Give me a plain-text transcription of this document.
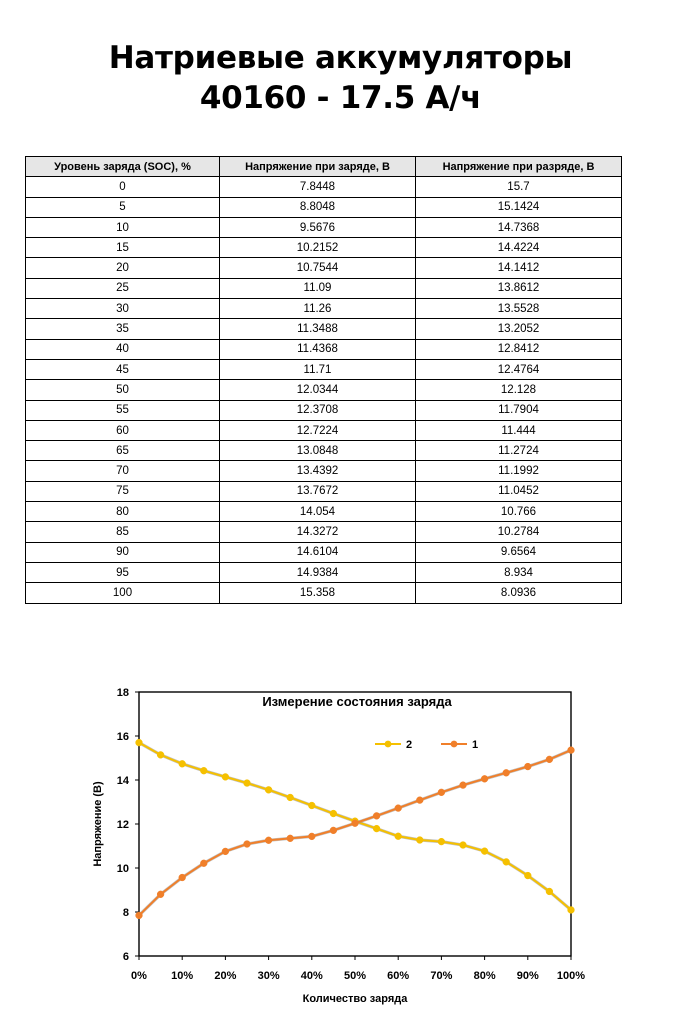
Натриевые аккумуляторы
40160 - 17.5 А/ч
Уровень заряда (SOC), %	Напряжение при заряде, В	Напряжение при разряде, В
0	7.8448	15.7
5	8.8048	15.1424
10	9.5676	14.7368
15	10.2152	14.4224
20	10.7544	14.1412
25	11.09	13.8612
30	11.26	13.5528
35	11.3488	13.2052
40	11.4368	12.8412
45	11.71	12.4764
50	12.0344	12.128
55	12.3708	11.7904
60	12.7224	11.444
65	13.0848	11.2724
70	13.4392	11.1992
75	13.7672	11.0452
80	14.054	10.766
85	14.3272	10.2784
90	14.6104	9.6564
95	14.9384	8.934
100	15.358	8.0936
6
8
10
12
14
16
18
0% 10% 20% 30% 40% 50% 60% 70% 80% 90% 100%
Измерение состояния заряда
Количество заряда
Напряжение (В)
2	1
